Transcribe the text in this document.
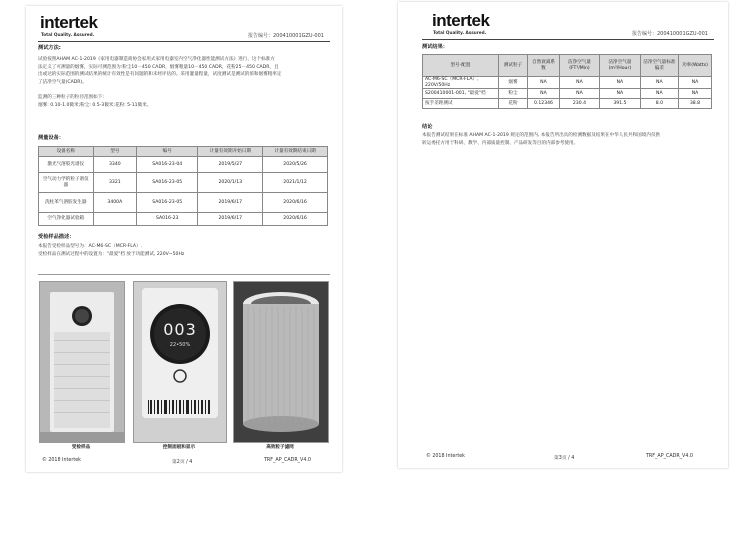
intertek
Total Quality. Assured.	报告编号：200410001GZU-001
测试方法:
试验按照AHAM AC-1-2019《家用电器制造商协会家用式家用电器室内空气净化器性能测试方法》进行，这个标准方
法定义了可测量的烟雾，实际可测范围为:粉尘10－450 CADR，烟雾粗量10－450 CADR，花粉25－450 CADR，且
出或达的实际范围的测试结果的统计有效性是有问题的和未经评估的。采用灌量程量，试度测试是测试的浓和烟雾粗率定
了洁净空气量(CADR)。
监测的三种粒子的粒径范围如下:
烟雾: 0.10-1.0微米;粉尘: 0.5-3微米;花粉: 5-11微米。
测量设备：
设备名称	型号	编号	计量有效期开始日期	计量有效期结束日期
激光气溶胶光谱仪	3340	SA016-23-04	2019/5/27	2020/5/26
空气动力学的粒子谱仪器	3321	SA016-23-05	2020/1/13	2021/1/12
洗柱苯气溶胶发生器	3400A	SA016-23-05	2019/6/17	2020/6/16
空气净化器试验箱		SA016-23	2019/6/17	2020/6/16
受检样品描述：
本报告受检样品型号为：AC-M6-SC（MCR-FLA）.
受检样品在测试过程中的设置为："最爱"档 放于功能测试, 220V~50Hz
受检样品
003
22•50%
控制面板和显示	高效粒子滤网
© 2018 Intertek	第2页 / 4	TRF_AP_CADR_V4.0
intertek
Total Quality. Assured.	报告编号：200410001GZU-001
测试结果：
型号·配置	测试粒子	自然衰减系数	洁净空气量(FT³/Min)	洁净空气量(m³/Hour)	洁净空气量标准偏差	功率(Watts)
AC-M6-SC（MCR-FLA）, 220V/50Hz	烟雾	NA	NA	NA	NA	NA
S200410001-001, "最爱"档	粉尘	NA	NA	NA	NA	NA
按手差距测试	花粉	0.12346	230.4	391.5	8.0	38.8
结论
本报告测试结果在标准 AHAM AC-1-2019 规定的范围内, 本报告所出具的检测数据及结果在中华人民共和国境内仅供
转运委托方用于科研、教学、内部质量控制、产品研发等目的内部参考使用。
© 2018 Intertek	第3页 / 4	TRF_AP_CADR_V4.0
